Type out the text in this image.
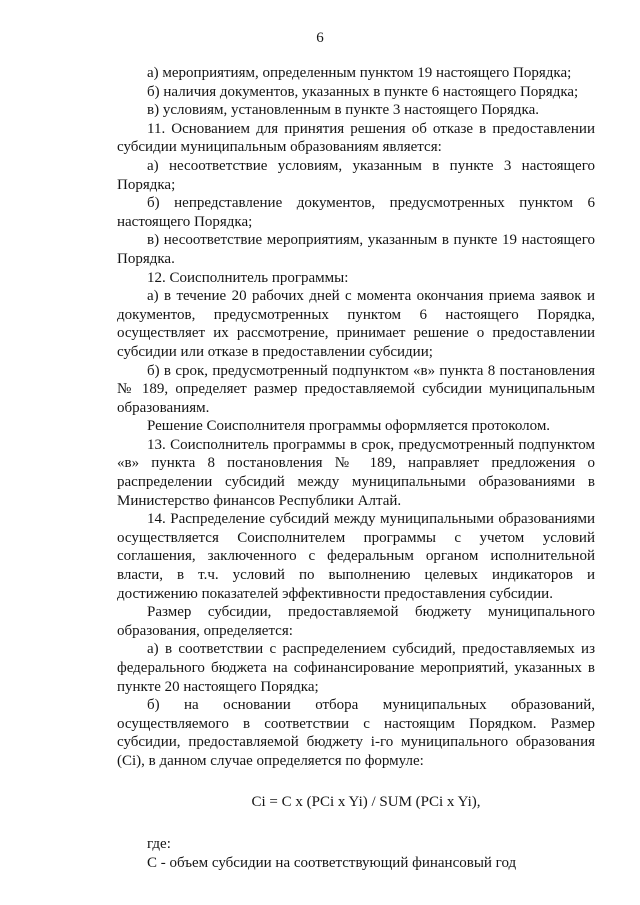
6

а) мероприятиям, определенным пунктом 19 настоящего Порядка;

б) наличия документов, указанных в пункте 6 настоящего Порядка;

в) условиям, установленным в пункте 3 настоящего Порядка.

11. Основанием для принятия решения об отказе в предоставлении субсидии муниципальным образованиям является:

а) несоответствие условиям, указанным в пункте 3 настоящего Порядка;

б) непредставление документов, предусмотренных пунктом 6 настоящего Порядка;

в) несоответствие мероприятиям, указанным в пункте 19 настоящего Порядка.

12. Соисполнитель программы:

а) в течение 20 рабочих дней с момента окончания приема заявок и документов, предусмотренных пунктом 6 настоящего Порядка, осуществляет их рассмотрение, принимает решение о предоставлении субсидии или отказе в предоставлении субсидии;

б) в срок, предусмотренный подпунктом «в» пункта 8 постановления № 189, определяет размер предоставляемой субсидии муниципальным образованиям.

Решение Соисполнителя программы оформляется протоколом.

13. Соисполнитель программы в срок, предусмотренный подпунктом «в» пункта 8 постановления № 189, направляет предложения о распределении субсидий между муниципальными образованиями в Министерство финансов Республики Алтай.

14. Распределение субсидий между муниципальными образованиями осуществляется Соисполнителем программы с учетом условий соглашения, заключенного с федеральным органом исполнительной власти, в т.ч. условий по выполнению целевых индикаторов и достижению показателей эффективности предоставления субсидии.

Размер субсидии, предоставляемой бюджету муниципального образования, определяется:

а) в соответствии с распределением субсидий, предоставляемых из федерального бюджета на софинансирование мероприятий, указанных в пункте 20 настоящего Порядка;

б) на основании отбора муниципальных образований, осуществляемого в соответствии с настоящим Порядком. Размер субсидии, предоставляемой бюджету i-го муниципального образования (Ci), в данном случае определяется по формуле:

Ci = C x (PCi x Yi) / SUM (PCi x Yi),

где:

С - объем субсидии на соответствующий финансовый год
